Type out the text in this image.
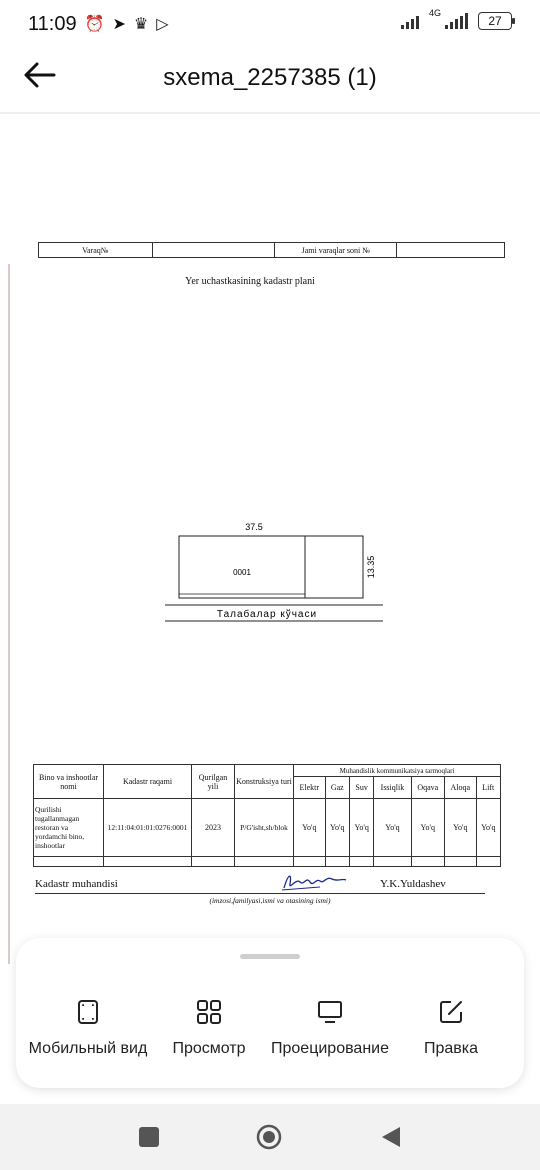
11:09 ⏰ ➤ ♛ ▷
4G
27
sxema_2257385 (1)
Varaq№	Jami varaqlar soni №
Yer uchastkasining kadastr plani
37.5
0001	13.35
Талабалар кўчаси
Bino va inshootlar nomi	Kadastr raqami	Qurilgan yili	Konstruksiya turi	Muhandislik kommunikatsiya tarmoqlari						
				Elektr	Gaz	Suv	Issiqlik	Oqava	Aloqa	Lift
Qurilishi tugallanmagan restoran va yordamchi bino, inshootlar	12:11:04:01:01:0276:0001	2023	P/G'isht,sh/blok	Yo'q	Yo'q	Yo'q	Yo'q	Yo'q	Yo'q	Yo'q

Kadastr muhandisi	Y.K.Yuldashev
(imzosi,familyasi,ismi va otasining ismi)
Мобильный вид Просмотр Проецирование Правка
